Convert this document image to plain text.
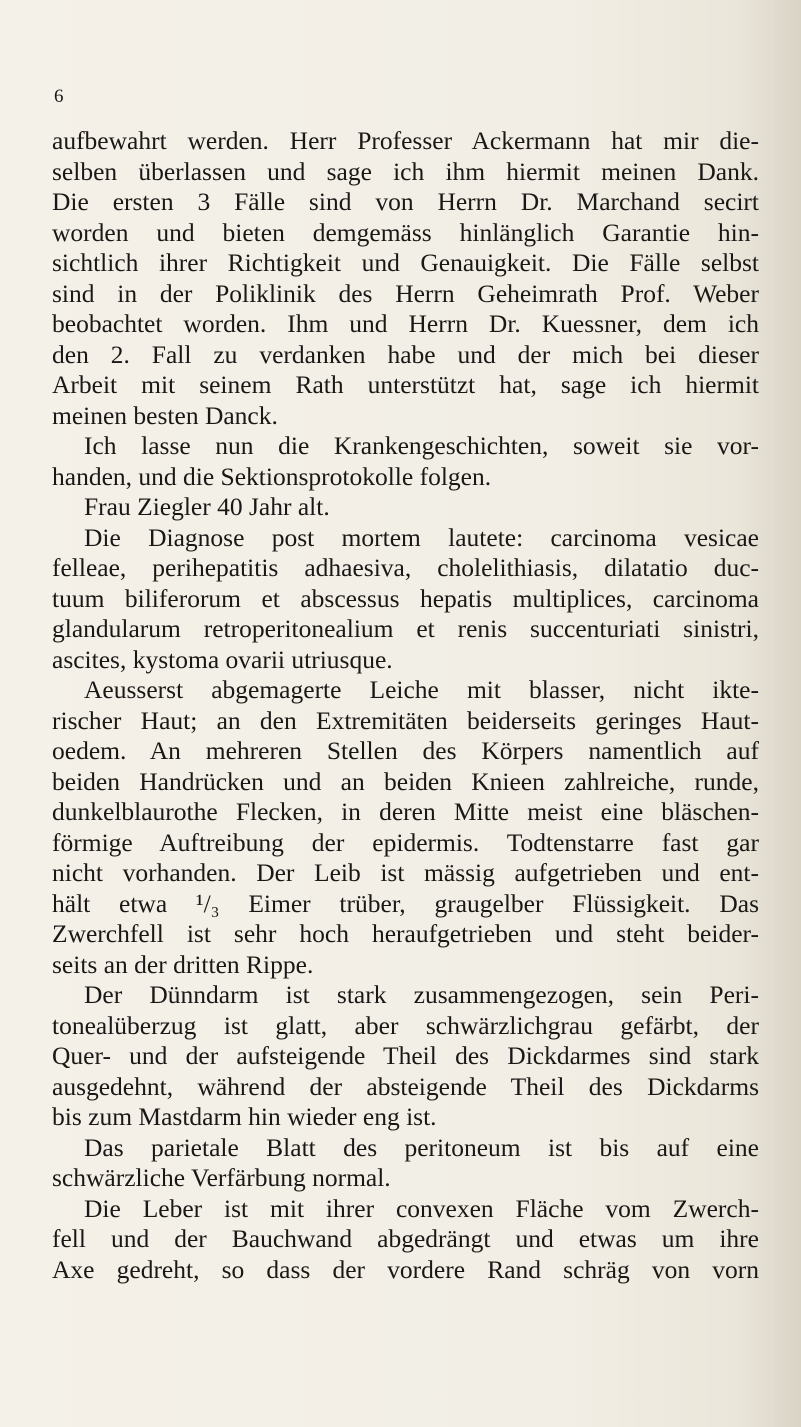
6
aufbewahrt werden. Herr Professer Ackermann hat mir die-
selben überlassen und sage ich ihm hiermit meinen Dank.
Die ersten 3 Fälle sind von Herrn Dr. Marchand secirt
worden und bieten demgemäss hinlänglich Garantie hin-
sichtlich ihrer Richtigkeit und Genauigkeit. Die Fälle selbst
sind in der Poliklinik des Herrn Geheimrath Prof. Weber
beobachtet worden. Ihm und Herrn Dr. Kuessner, dem ich
den 2. Fall zu verdanken habe und der mich bei dieser
Arbeit mit seinem Rath unterstützt hat, sage ich hiermit
meinen besten Danck.
Ich lasse nun die Krankengeschichten, soweit sie vor-
handen, und die Sektionsprotokolle folgen.
Frau Ziegler 40 Jahr alt.
Die Diagnose post mortem lautete: carcinoma vesicae
felleae, perihepatitis adhaesiva, cholelithiasis, dilatatio duc-
tuum biliferorum et abscessus hepatis multiplices, carcinoma
glandularum retroperitonealium et renis succenturiati sinistri,
ascites, kystoma ovarii utriusque.
Aeusserst abgemagerte Leiche mit blasser, nicht ikte-
rischer Haut; an den Extremitäten beiderseits geringes Haut-
oedem. An mehreren Stellen des Körpers namentlich auf
beiden Handrücken und an beiden Knieen zahlreiche, runde,
dunkelblaurothe Flecken, in deren Mitte meist eine bläschen-
förmige Auftreibung der epidermis. Todtenstarre fast gar
nicht vorhanden. Der Leib ist mässig aufgetrieben und ent-
hält etwa ¹/₃ Eimer trüber, graugelber Flüssigkeit. Das
Zwerchfell ist sehr hoch heraufgetrieben und steht beider-
seits an der dritten Rippe.
Der Dünndarm ist stark zusammengezogen, sein Peri-
tonealüberzug ist glatt, aber schwärzlichgrau gefärbt, der
Quer- und der aufsteigende Theil des Dickdarmes sind stark
ausgedehnt, während der absteigende Theil des Dickdarms
bis zum Mastdarm hin wieder eng ist.
Das parietale Blatt des peritoneum ist bis auf eine
schwärzliche Verfärbung normal.
Die Leber ist mit ihrer convexen Fläche vom Zwerch-
fell und der Bauchwand abgedrängt und etwas um ihre
Axe gedreht, so dass der vordere Rand schräg von vorn
